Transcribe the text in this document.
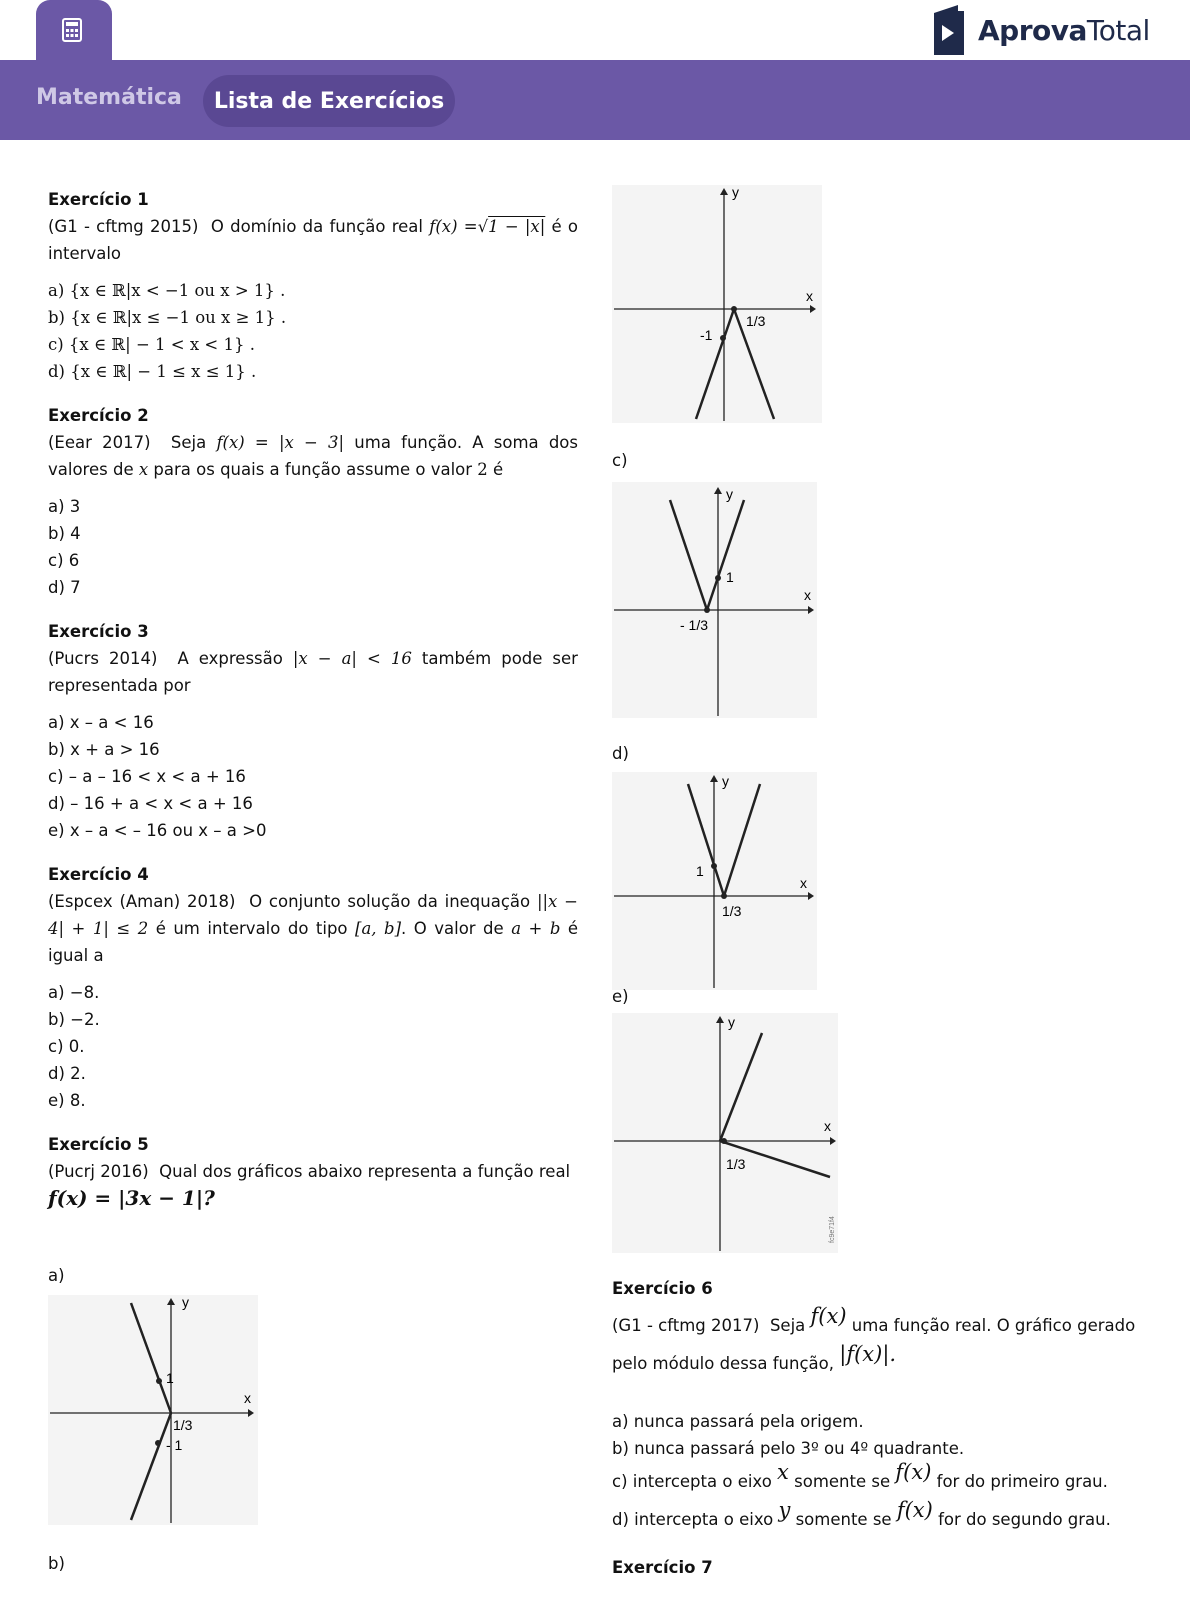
AprovaTotal
Matemática	Lista de Exercícios
Exercício 1
(G1 - cftmg 2015) O domínio da função real f(x) =√1 − |x| é o intervalo
a) {x ∈ ℝ|x < −1 ou x > 1} .
b) {x ∈ ℝ|x ≤ −1 ou x ≥ 1} .
c) {x ∈ ℝ| − 1 < x < 1} .
d) {x ∈ ℝ| − 1 ≤ x ≤ 1} .
Exercício 2
(Eear 2017) Seja f(x) = |x − 3| uma função. A soma dos valores de x para os quais a função assume o valor 2 é
a) 3
b) 4
c) 6
d) 7
Exercício 3
(Pucrs 2014) A expressão |x − a| < 16 também pode ser representada por
a) x – a < 16
b) x + a > 16
c) – a – 16 < x < a + 16
d) – 16 + a < x < a + 16
e) x – a < – 16 ou x – a >0
Exercício 4
(Espcex (Aman) 2018) O conjunto solução da inequação ||x − 4| + 1| ≤ 2 é um intervalo do tipo [a, b]. O valor de a + b é igual a
a) −8.
b) −2.
c) 0.
d) 2.
e) 8.
Exercício 5
(Pucrj 2016) Qual dos gráficos abaixo representa a função real
f(x) = |3x − 1|?
a)
y
x
1
1/3
- 1
b)
y
x
-1
1/3
c)
y
x
1
- 1/3
d)
y
x
1
1/3
e)
y
x
1/3
fc9e71f4
Exercício 6
(G1 - cftmg 2017) Seja f(x) uma função real. O gráfico gerado pelo módulo dessa função, |f(x)|.
a) nunca passará pela origem.
b) nunca passará pelo 3º ou 4º quadrante.
c) intercepta o eixo x somente se f(x) for do primeiro grau.
d) intercepta o eixo y somente se f(x) for do segundo grau.
Exercício 7
